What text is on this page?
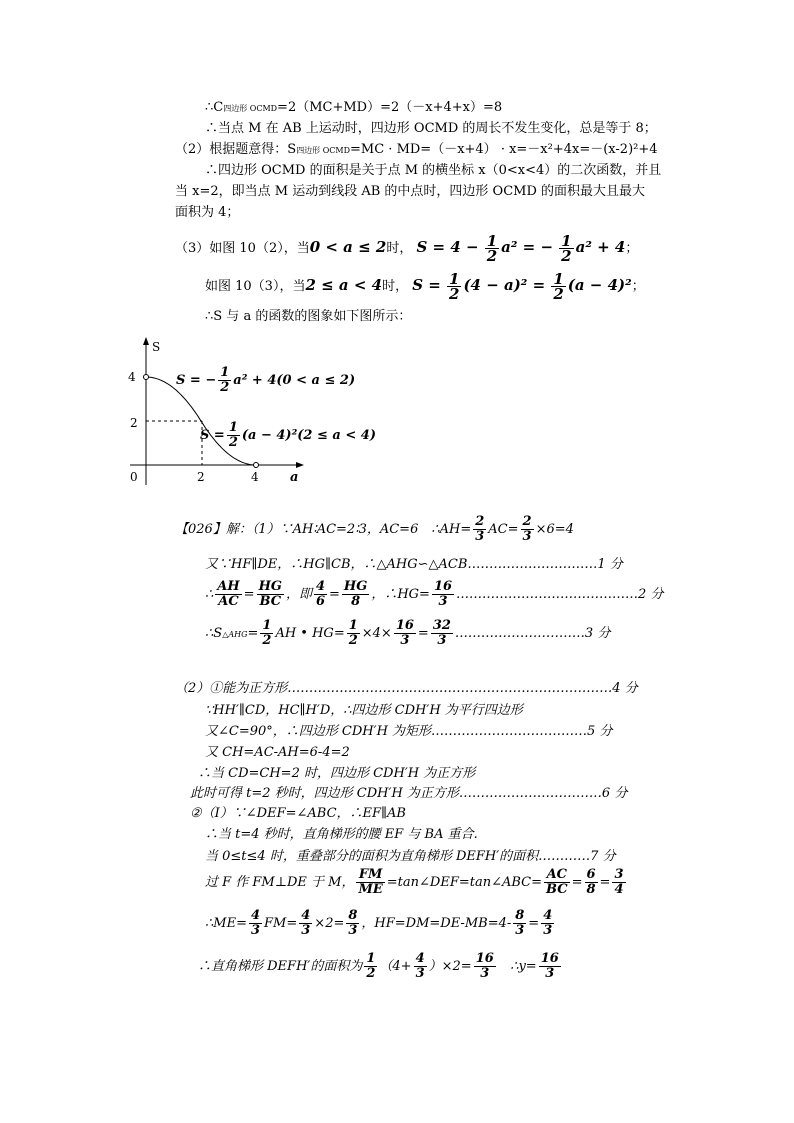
∴C四边形 OCMD=2（MC+MD）=2（－x+4+x）=8
∴当点 M 在 AB 上运动时，四边形 OCMD 的周长不发生变化，总是等于 8；
（2）根据题意得：S四边形 OCMD=MC · MD=（－x+4） · x=－x²+4x=－(x-2)²+4
∴四边形 OCMD 的面积是关于点 M 的横坐标 x（0<x<4）的二次函数，并且
当 x=2，即当点 M 运动到线段 AB 的中点时，四边形 OCMD 的面积最大且最大
面积为 4；
（3）如图 10（2），当0 < a ≤ 2时， $S = 4 - \frac{1}{2} a^2$ = − $\frac{1}{2} a^2 + 4$；
如图 10（3），当2 ≤ a < 4时， $S = \frac{1}{2} (4 - a)^2 = \frac{1}{2} (a - 4)^2$；
∴S 与 a 的函数的图象如下图所示：
S
a
0
4
2
2	4
S = − $\frac{1}{2} a^2 + 4(0 < a \le 2)$
$S = \frac{1}{2} (a - 4)^2(2 \le a < 4)$
【026】解：（1）∵AH∶AC=2∶3，AC=6　∴AH= $\frac{2}{3} AC= \frac{2}{3} \times 6=4$
又∵HF∥DE，∴HG∥CB，∴△AHG∽△ACB…………………………1 分
∴ $\frac{AH}{AC} = \frac{HG}{BC}$ ，即 $\frac{4}{6} = \frac{HG}{8}$ ，∴HG= $\frac{16}{3}$ ……………………………………2 分
∴S△AHG= $\frac{1}{2}$ AH • $HG= \frac{1}{2} \times 4\times \frac{16}{3} = \frac{32}{3}$ …………………………3 分
（2）①能为正方形…………………………………………………………………4 分
∵HH′∥CD，HC∥H′D，∴四边形 CDH′H 为平行四边形
又∠C=90°，∴四边形 CDH′H 为矩形………………………………5 分
又 CH=AC-AH=6-4=2
∴当 CD=CH=2 时，四边形 CDH′H 为正方形
此时可得 t=2 秒时，四边形 CDH′H 为正方形……………………………6 分
②（Ⅰ）∵∠DEF=∠ABC，∴EF∥AB
∴当 t=4 秒时，直角梯形的腰 EF 与 BA 重合.
当 0≤t≤4 时，重叠部分的面积为直角梯形 DEFH′的面积…………7 分
过 F 作 FM⊥DE 于 M， $\frac{FM}{ME}$ =tan∠DEF=tan∠ABC= $\frac{AC}{BC} = \frac{6}{8} = \frac{3}{4}$
∴ME= $\frac{4}{3} FM= \frac{4}{3} \times 2= \frac{8}{3}$ ，$HF=DM=DE-MB=4- \frac{8}{3} = \frac{4}{3}$
∴直角梯形 DEFH′的面积为 $\frac{1}{2} (4+ \frac{4}{3} )\times 2= \frac{16}{3}$ ∴y= $\frac{16}{3}$
